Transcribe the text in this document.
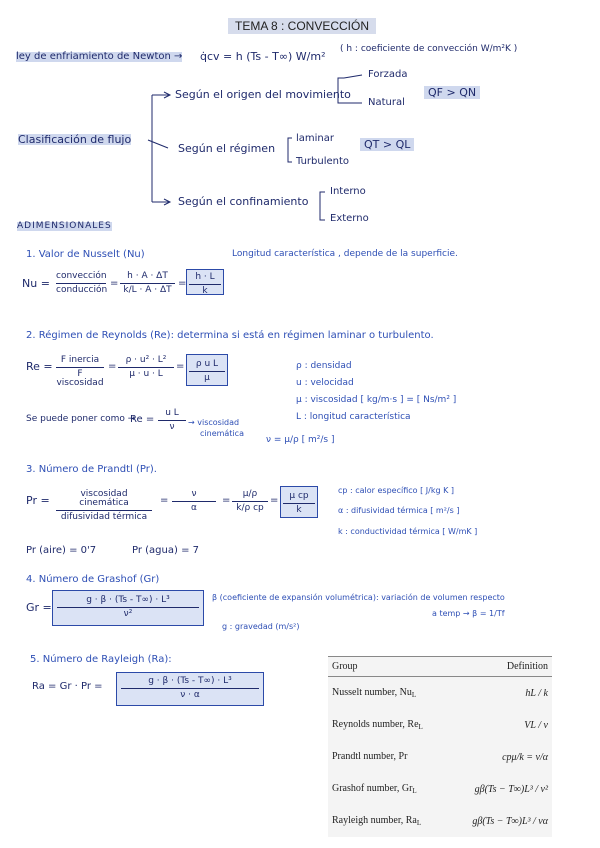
TEMA 8 : CONVECCIÓN
ley de enfriamiento de Newton → q̇cv = h (Ts - T∞) W/m²
( h : coeficiente de convección W/m²K )
Clasificación de flujo
Según el origen del movimiento
Forzada
Natural
QF > QN
Según el régimen
laminar
Turbulento
QT > QL
Según el confinamiento
Interno
Externo
ADIMENSIONALES
1. Valor de Nusselt (Nu)	Longitud característica , depende de la superficie.
Nu =
convección
conducción
= $\frac{h \cdot A \cdot \Delta T}{k/L \cdot A \cdot \Delta T} = \frac{h \cdot L}{k}$
2. Régimen de Reynolds (Re): determina si está en régimen laminar o turbulento.
Re = F inercia
F viscosidad
= $\frac{\text{ρ · u² · L²}}{\mu \cdot u \cdot L} = \frac{\text{ρ u L}}{\mu}$	ρ : densidad
u : velocidad
μ : viscosidad [ kg/m·s ] = [ Ns/m² ]
L : longitud característica
Se puede poner como →
$Re = \frac{\text{u L}}{\nu}$ → viscosidad
cinemática
ν = μ/ρ [ m²/s ]
3. Número de Prandtl (Pr).
Pr =	viscosidad cinemática
difusividad térmica
= $\frac{\nu}{\alpha} = \frac{\mu/\rho}{\text{k/ρ cp}} = \frac{\text{μ cp}}{k}$
cp : calor específico [ J/kg K ]
α : difusividad térmica [ m²/s ]
k : conductividad térmica [ W/mK ]
Pr (aire) = 0'7	Pr (agua) = 7
4. Número de Grashof (Gr)
$Gr = \frac{\text{g · β · (Ts - T∞) · L³}}{\text{ν²}}$ β (coeficiente de expansión volumétrica): variación de volumen respecto
a temp → β = 1/Tf
g : gravedad (m/s²)
5. Número de Rayleigh (Ra):
$Ra = Gr \cdot Pr = \frac{\text{g · β · (Ts - T∞) · L³}}{\nu \cdot \alpha}$
Group	Definition
Nusselt number, $Nu_L$	hL / k
Reynolds number, $Re_L$	VL / ν
Prandtl number, Pr	cpμ/k = ν/α
Grashof number, $Gr_L$	gβ(Ts − T∞)L³ / ν²
Rayleigh number, $Ra_L$	gβ(Ts − T∞)L³ / να
